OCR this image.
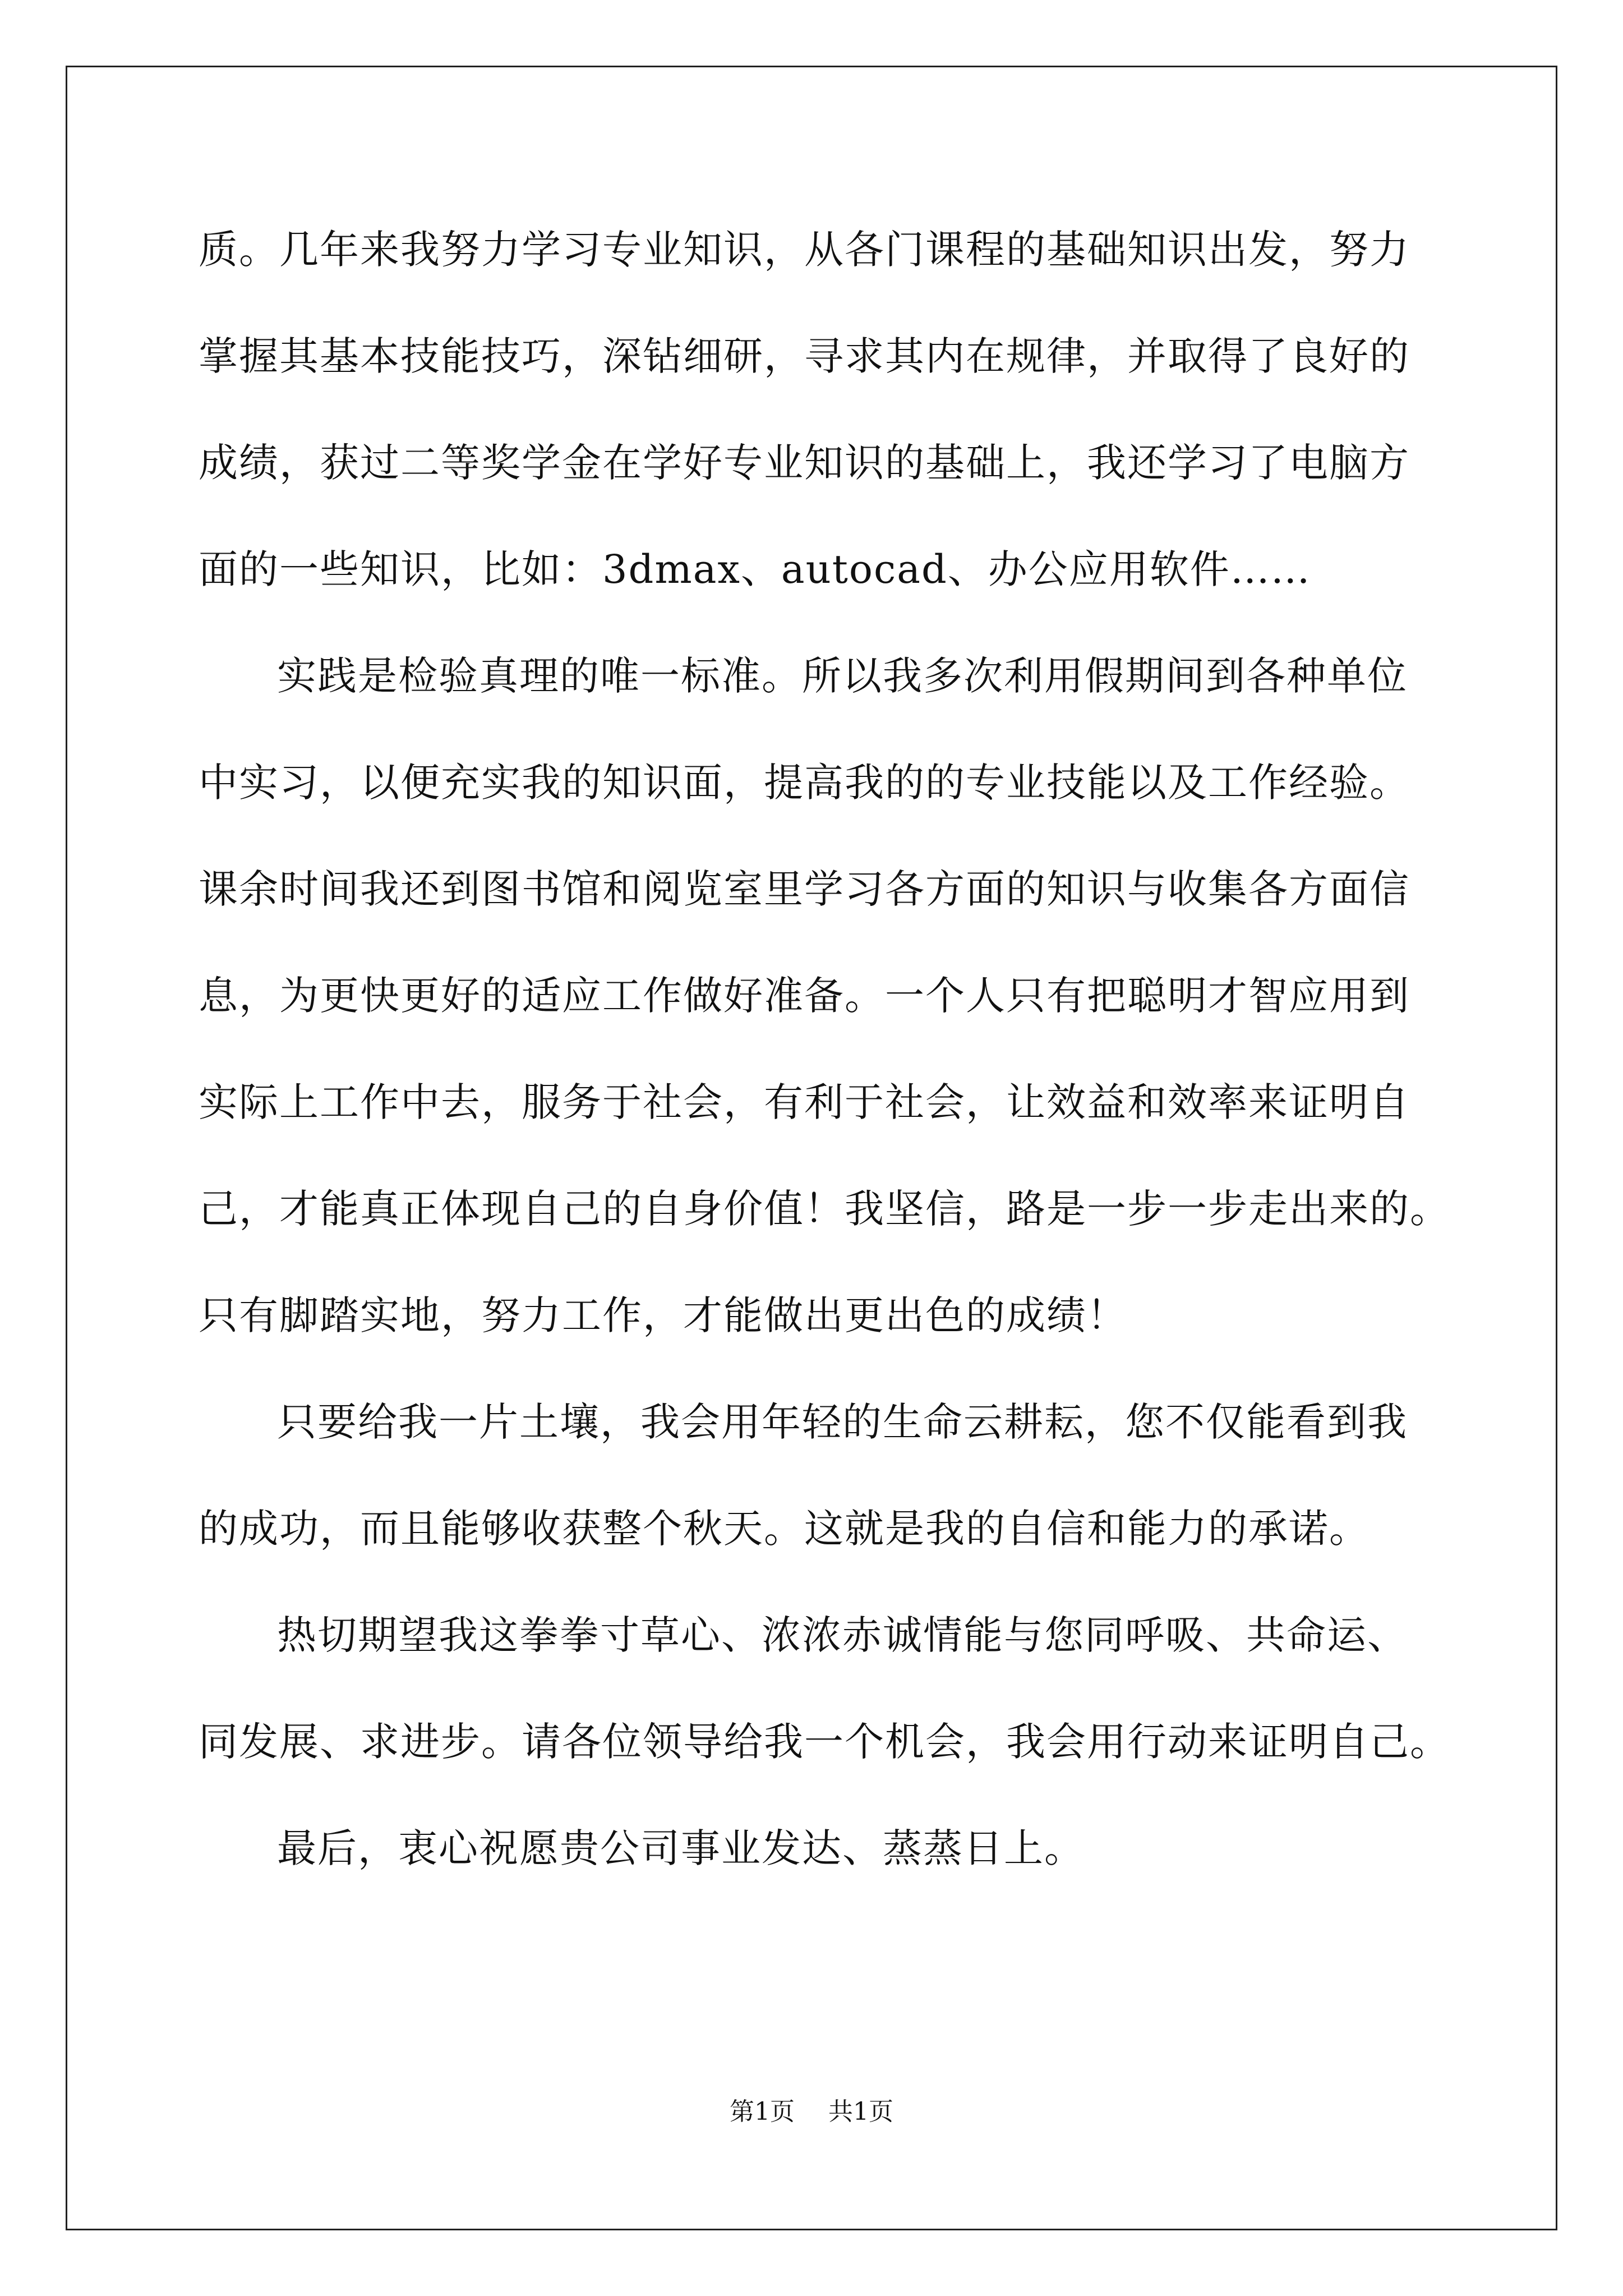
质。几年来我努力学习专业知识，从各门课程的基础知识出发，努力
掌握其基本技能技巧，深钻细研，寻求其内在规律，并取得了良好的
成绩，获过二等奖学金在学好专业知识的基础上，我还学习了电脑方
面的一些知识，比如：3dmax、autocad、办公应用软件……
实践是检验真理的唯一标准。所以我多次利用假期间到各种单位
中实习，以便充实我的知识面，提高我的的专业技能以及工作经验。
课余时间我还到图书馆和阅览室里学习各方面的知识与收集各方面信
息，为更快更好的适应工作做好准备。一个人只有把聪明才智应用到
实际上工作中去，服务于社会，有利于社会，让效益和效率来证明自
己，才能真正体现自己的自身价值！我坚信，路是一步一步走出来的。
只有脚踏实地，努力工作，才能做出更出色的成绩！
只要给我一片土壤，我会用年轻的生命云耕耘，您不仅能看到我
的成功，而且能够收获整个秋天。这就是我的自信和能力的承诺。
热切期望我这拳拳寸草心、浓浓赤诚情能与您同呼吸、共命运、
同发展、求进步。请各位领导给我一个机会，我会用行动来证明自己。
最后，衷心祝愿贵公司事业发达、蒸蒸日上。
第1页 共1页
